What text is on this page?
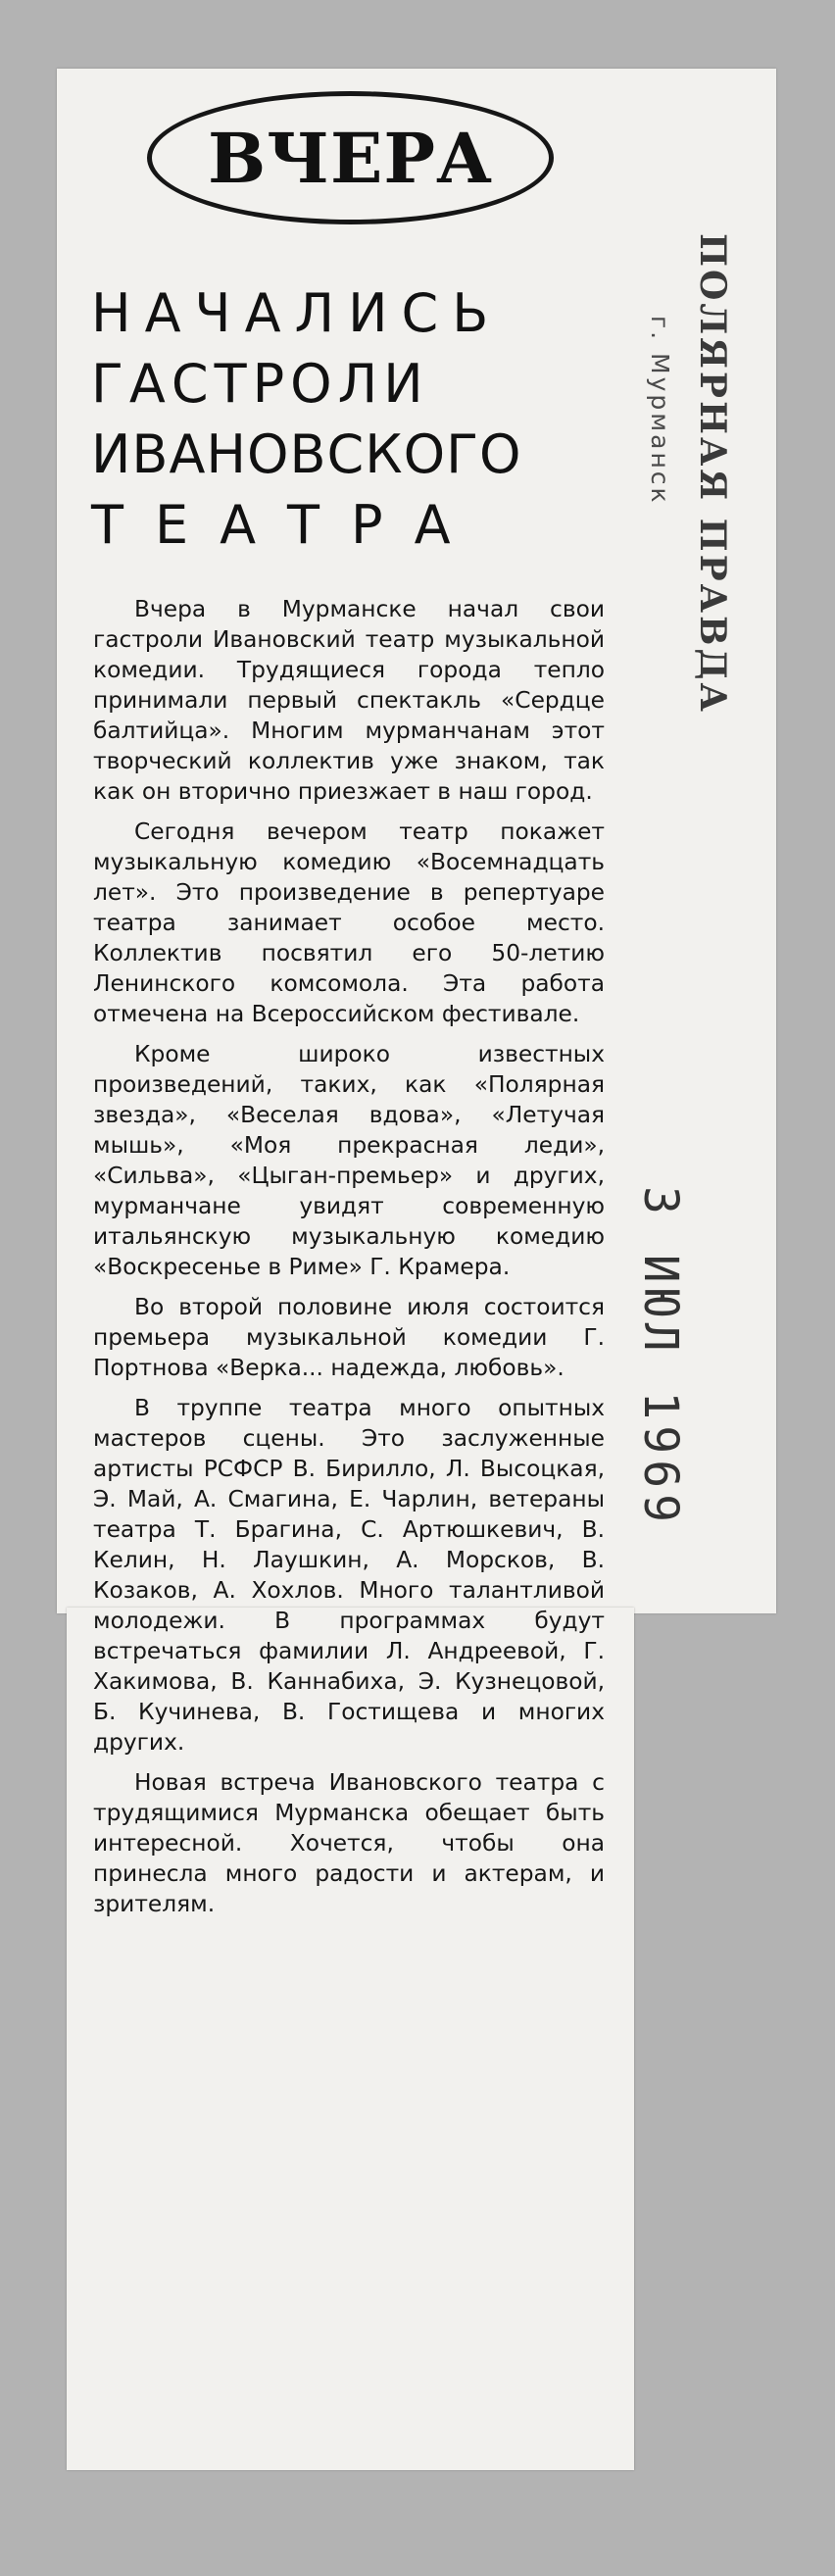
ВЧЕРА
НАЧАЛИСЬ
ГАСТРОЛИ
ИВАНОВСКОГО
ТЕАТРА

Вчера в Мурманске начал свои гастроли Ивановский театр музыкальной комедии. Трудящиеся города тепло принимали первый спектакль «Сердце балтийца». Многим мурманчанам этот творческий коллектив уже знаком, так как он вторично приезжает в наш город.

Сегодня вечером театр покажет музыкальную комедию «Восемнадцать лет». Это произведение в репертуаре театра занимает особое место. Коллектив посвятил его 50-летию Ленинского комсомола. Эта работа отмечена на Всероссийском фестивале.

Кроме широко известных произведений, таких, как «Полярная звезда», «Веселая вдова», «Летучая мышь», «Моя прекрасная леди», «Сильва», «Цыган-премьер» и других, мурманчане увидят современную итальянскую музыкальную комедию «Воскресенье в Риме» Г. Крамера.

Во второй половине июля состоится премьера музыкальной комедии Г. Портнова «Верка... надежда, любовь».

В труппе театра много опытных мастеров сцены. Это заслуженные артисты РСФСР В. Бирилло, Л. Высоцкая, Э. Май, А. Смагина, Е. Чарлин, ветераны театра Т. Брагина, С. Артюшкевич, В. Келин, Н. Лаушкин, А. Морсков, В. Козаков, А. Хохлов. Много талантливой молодежи. В программах будут встречаться фамилии Л. Андреевой, Г. Хакимова, В. Каннабиха, Э. Кузнецовой, Б. Кучинева, В. Гостищева и многих других.

Новая встреча Ивановского театра с трудящимися Мурманска обещает быть интересной. Хочется, чтобы она принесла много радости и актерам, и зрителям.

ПОЛЯРНАЯ ПРАВДА
г. Мурманск
3 ИЮЛ 1969
